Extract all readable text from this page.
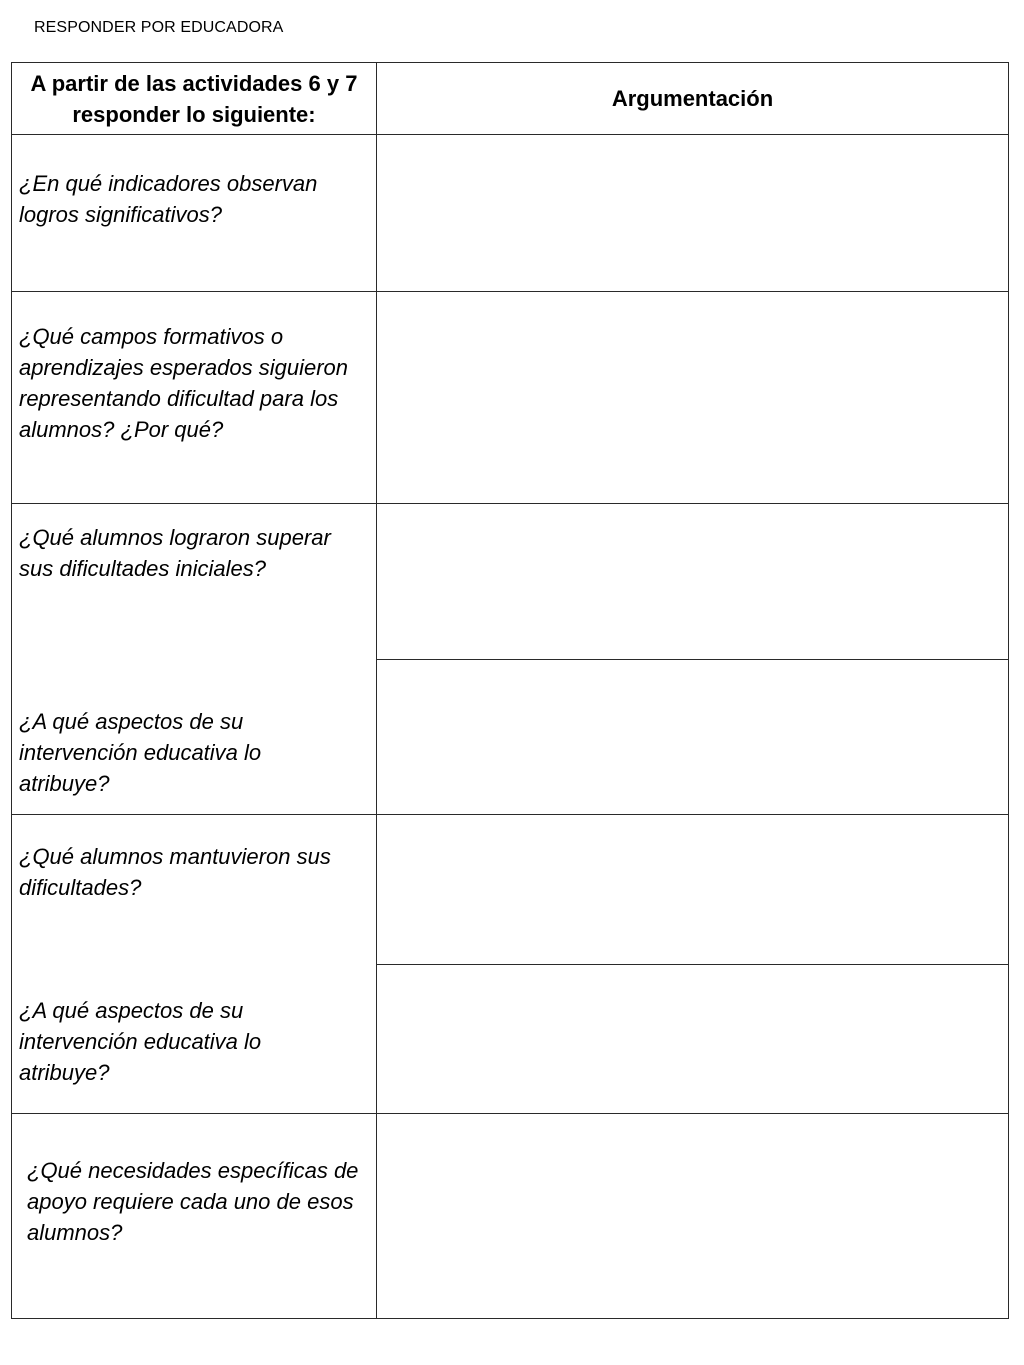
RESPONDER POR EDUCADORA
A partir de las actividades 6 y 7 responder lo siguiente:
Argumentación
¿En qué indicadores observan logros significativos?
¿Qué campos formativos o aprendizajes esperados siguieron representando dificultad para los alumnos? ¿Por qué?
¿Qué alumnos lograron superar sus dificultades iniciales?
¿A qué aspectos de su intervención educativa lo atribuye?
¿Qué alumnos mantuvieron sus dificultades?
¿A qué aspectos de su intervención educativa lo atribuye?
¿Qué necesidades específicas de apoyo requiere cada uno de esos alumnos?
